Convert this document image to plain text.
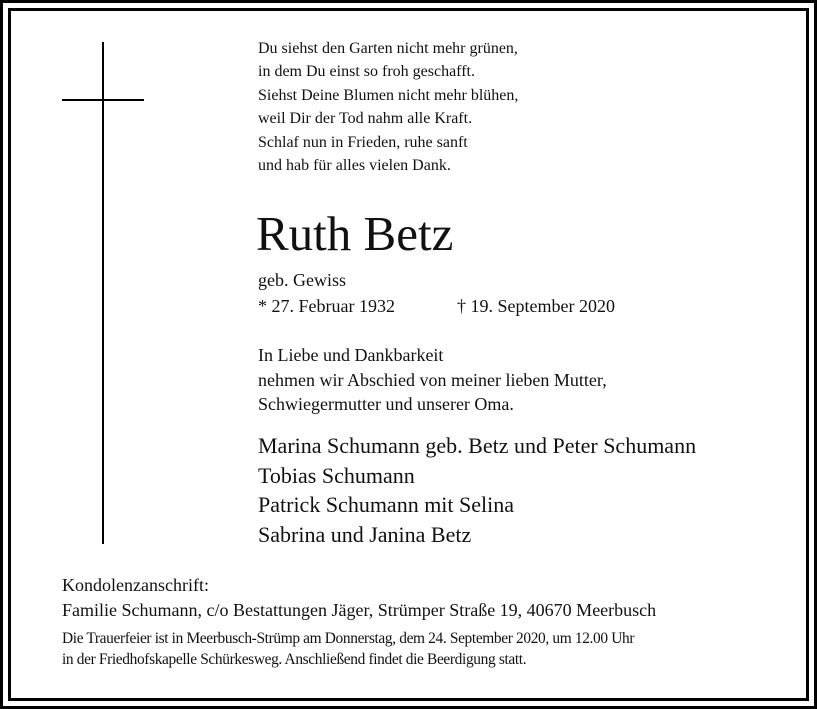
Du siehst den Garten nicht mehr grünen,
in dem Du einst so froh geschafft.
Siehst Deine Blumen nicht mehr blühen,
weil Dir der Tod nahm alle Kraft.
Schlaf nun in Frieden, ruhe sanft
und hab für alles vielen Dank.
Ruth Betz
geb. Gewiss
* 27. Februar 1932	† 19. September 2020
In Liebe und Dankbarkeit
nehmen wir Abschied von meiner lieben Mutter,
Schwiegermutter und unserer Oma.
Marina Schumann geb. Betz und Peter Schumann
Tobias Schumann
Patrick Schumann mit Selina
Sabrina und Janina Betz
Kondolenzanschrift:
Familie Schumann, c/o Bestattungen Jäger, Strümper Straße 19, 40670 Meerbusch
Die Trauerfeier ist in Meerbusch-Strümp am Donnerstag, dem 24. September 2020, um 12.00 Uhr
in der Friedhofskapelle Schürkesweg. Anschließend findet die Beerdigung statt.
